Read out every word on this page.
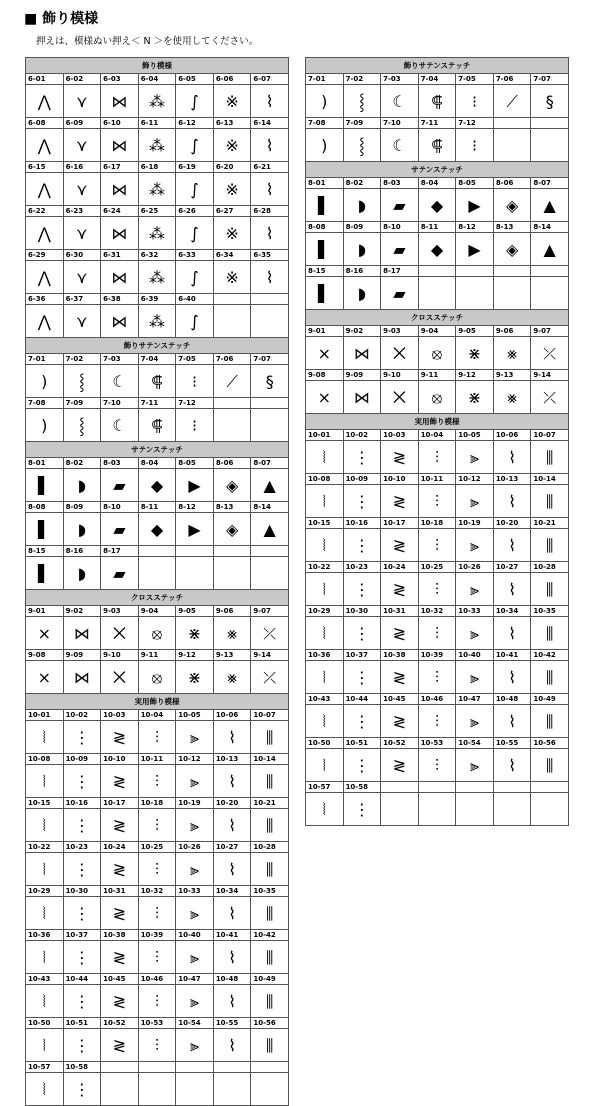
■ 飾り模様
押えは、模様ぬい押え＜ N ＞を使用してください。
飾り模様						
6-01	6-02	6-03	6-04	6-05	6-06	6-07
⋀	⋎	⋈	⁂	∫	※	⌇
6-08	6-09	6-10	6-11	6-12	6-13	6-14
⋀	⋎	⋈	⁂	∫	※	⌇
6-15	6-16	6-17	6-18	6-19	6-20	6-21
⋀	⋎	⋈	⁂	∫	※	⌇
6-22	6-23	6-24	6-25	6-26	6-27	6-28
⋀	⋎	⋈	⁂	∫	※	⌇
6-29	6-30	6-31	6-32	6-33	6-34	6-35
⋀	⋎	⋈	⁂	∫	※	⌇
6-36	6-37	6-38	6-39	6-40		
⋀	⋎	⋈	⁂	∫		
飾りサテンステッチ						
7-01	7-02	7-03	7-04	7-05	7-06	7-07
)	⸾	☾	⸿	⁝	⟋	§
7-08	7-09	7-10	7-11	7-12		
)	⸾	☾	⸿	⁝		
サテンステッチ						
8-01	8-02	8-03	8-04	8-05	8-06	8-07
▌	◗	▰	◆	▶	◈	▲
8-08	8-09	8-10	8-11	8-12	8-13	8-14
▌	◗	▰	◆	▶	◈	▲
8-15	8-16	8-17				
▌	◗	▰				
クロスステッチ						
9-01	9-02	9-03	9-04	9-05	9-06	9-07
⨯	⋈	⨉	⦻	⋇	⨳	⤫
9-08	9-09	9-10	9-11	9-12	9-13	9-14
⨯	⋈	⨉	⦻	⋇	⨳	⤫
実用飾り模様						
10-01	10-02	10-03	10-04	10-05	10-06	10-07
⦚	⋮	≷	⫶	⫸	⌇	⫼
10-08	10-09	10-10	10-11	10-12	10-13	10-14
⦚	⋮	≷	⫶	⫸	⌇	⫼
10-15	10-16	10-17	10-18	10-19	10-20	10-21
⦚	⋮	≷	⫶	⫸	⌇	⫼
10-22	10-23	10-24	10-25	10-26	10-27	10-28
⦚	⋮	≷	⫶	⫸	⌇	⫼
10-29	10-30	10-31	10-32	10-33	10-34	10-35
⦚	⋮	≷	⫶	⫸	⌇	⫼
10-36	10-37	10-38	10-39	10-40	10-41	10-42
⦚	⋮	≷	⫶	⫸	⌇	⫼
10-43	10-44	10-45	10-46	10-47	10-48	10-49
⦚	⋮	≷	⫶	⫸	⌇	⫼
10-50	10-51	10-52	10-53	10-54	10-55	10-56
⦚	⋮	≷	⫶	⫸	⌇	⫼
10-57	10-58					
⦚	⋮					
飾りサテンステッチ						
7-01	7-02	7-03	7-04	7-05	7-06	7-07
)	⸾	☾	⸿	⁝	⟋	§
7-08	7-09	7-10	7-11	7-12		
)	⸾	☾	⸿	⁝		
サテンステッチ						
8-01	8-02	8-03	8-04	8-05	8-06	8-07
▌	◗	▰	◆	▶	◈	▲
8-08	8-09	8-10	8-11	8-12	8-13	8-14
▌	◗	▰	◆	▶	◈	▲
8-15	8-16	8-17				
▌	◗	▰				
クロスステッチ						
9-01	9-02	9-03	9-04	9-05	9-06	9-07
⨯	⋈	⨉	⦻	⋇	⨳	⤫
9-08	9-09	9-10	9-11	9-12	9-13	9-14
⨯	⋈	⨉	⦻	⋇	⨳	⤫
実用飾り模様						
10-01	10-02	10-03	10-04	10-05	10-06	10-07
⦚	⋮	≷	⫶	⫸	⌇	⫼
10-08	10-09	10-10	10-11	10-12	10-13	10-14
⦚	⋮	≷	⫶	⫸	⌇	⫼
10-15	10-16	10-17	10-18	10-19	10-20	10-21
⦚	⋮	≷	⫶	⫸	⌇	⫼
10-22	10-23	10-24	10-25	10-26	10-27	10-28
⦚	⋮	≷	⫶	⫸	⌇	⫼
10-29	10-30	10-31	10-32	10-33	10-34	10-35
⦚	⋮	≷	⫶	⫸	⌇	⫼
10-36	10-37	10-38	10-39	10-40	10-41	10-42
⦚	⋮	≷	⫶	⫸	⌇	⫼
10-43	10-44	10-45	10-46	10-47	10-48	10-49
⦚	⋮	≷	⫶	⫸	⌇	⫼
10-50	10-51	10-52	10-53	10-54	10-55	10-56
⦚	⋮	≷	⫶	⫸	⌇	⫼
10-57	10-58					
⦚	⋮					
